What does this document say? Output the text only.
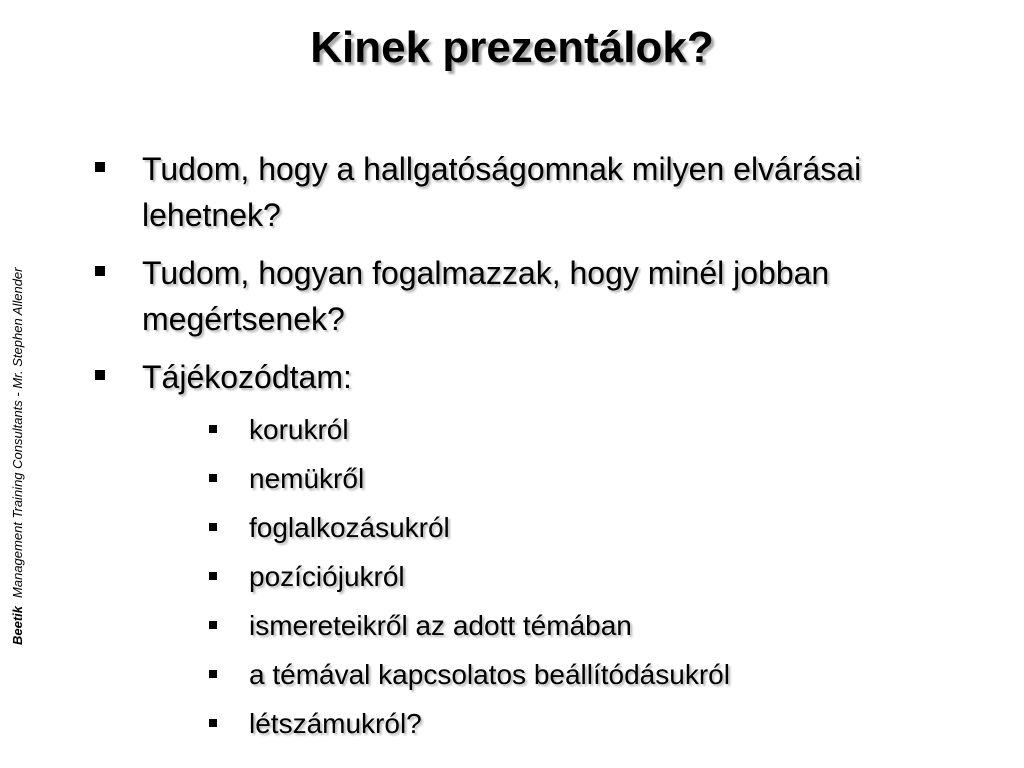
Kinek prezentálok?
BeetikManagement Training Consultants - Mr. Stephen Allender
Tudom, hogy a hallgatóságomnak milyen elvárásai lehetnek?
Tudom, hogyan fogalmazzak, hogy minél jobban megértsenek?
Tájékozódtam:
korukról
nemükről
foglalkozásukról
pozíciójukról
ismereteikről az adott témában
a témával kapcsolatos beállítódásukról
létszámukról?
